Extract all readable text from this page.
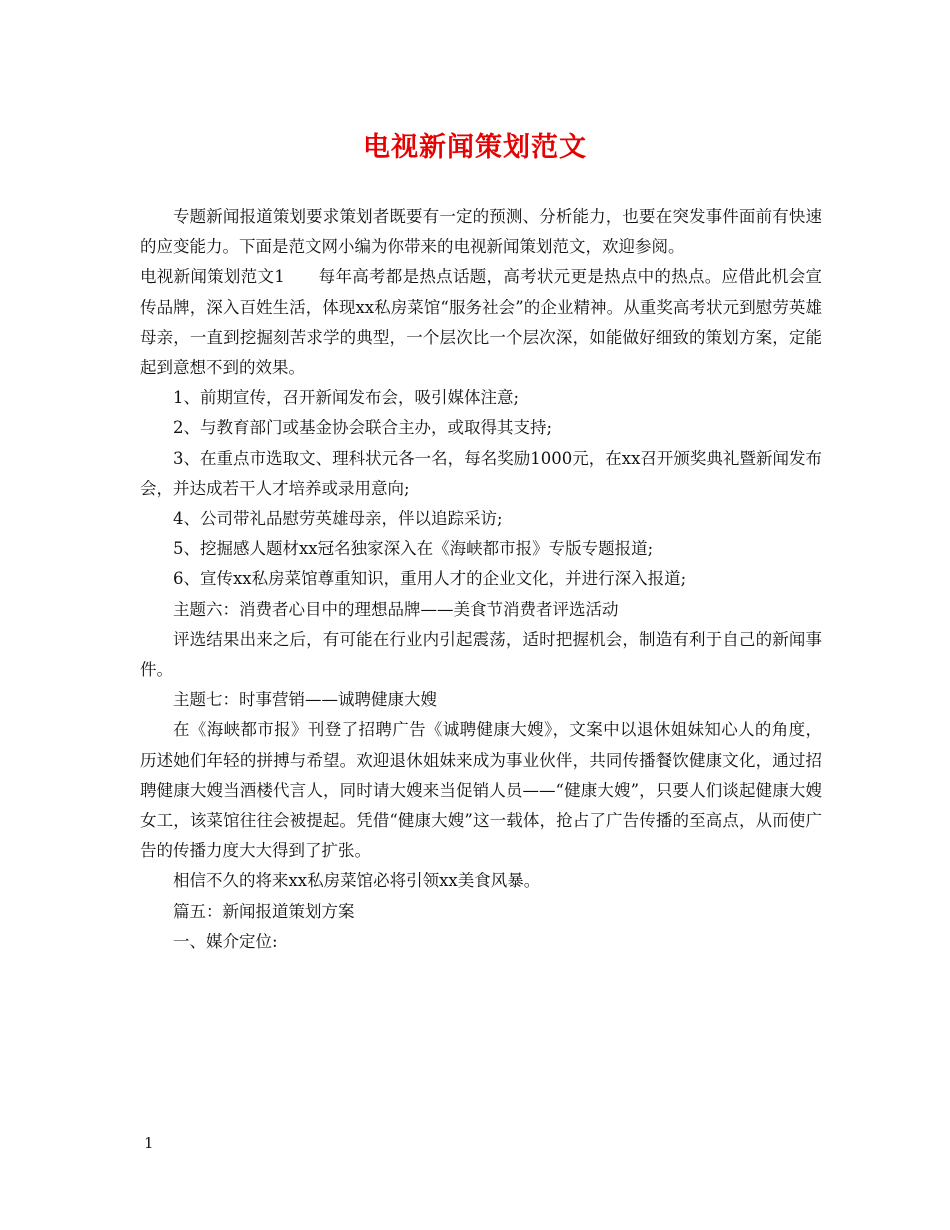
电视新闻策划范文

专题新闻报道策划要求策划者既要有一定的预测、分析能力，也要在突发事件面前有快速的应变能力。下面是范文网小编为你带来的电视新闻策划范文，欢迎参阅。

电视新闻策划范文1　　每年高考都是热点话题，高考状元更是热点中的热点。应借此机会宣传品牌，深入百姓生活，体现xx私房菜馆“服务社会”的企业精神。从重奖高考状元到慰劳英雄母亲，一直到挖掘刻苦求学的典型，一个层次比一个层次深，如能做好细致的策划方案，定能起到意想不到的效果。

1、前期宣传，召开新闻发布会，吸引媒体注意;

2、与教育部门或基金协会联合主办，或取得其支持;

3、在重点市选取文、理科状元各一名，每名奖励1000元，在xx召开颁奖典礼暨新闻发布会，并达成若干人才培养或录用意向;

4、公司带礼品慰劳英雄母亲，伴以追踪采访;

5、挖掘感人题材xx冠名独家深入在《海峡都市报》专版专题报道;

6、宣传xx私房菜馆尊重知识，重用人才的企业文化，并进行深入报道;

主题六：消费者心目中的理想品牌——美食节消费者评选活动

评选结果出来之后，有可能在行业内引起震荡，适时把握机会，制造有利于自己的新闻事件。

主题七：时事营销——诚聘健康大嫂

在《海峡都市报》刊登了招聘广告《诚聘健康大嫂》，文案中以退休姐妹知心人的角度，历述她们年轻的拼搏与希望。欢迎退休姐妹来成为事业伙伴，共同传播餐饮健康文化，通过招聘健康大嫂当酒楼代言人，同时请大嫂来当促销人员——“健康大嫂”，只要人们谈起健康大嫂女工，该菜馆往往会被提起。凭借“健康大嫂”这一载体，抢占了广告传播的至高点，从而使广告的传播力度大大得到了扩张。

相信不久的将来xx私房菜馆必将引领xx美食风暴。

篇五：新闻报道策划方案

一、媒介定位:

1
